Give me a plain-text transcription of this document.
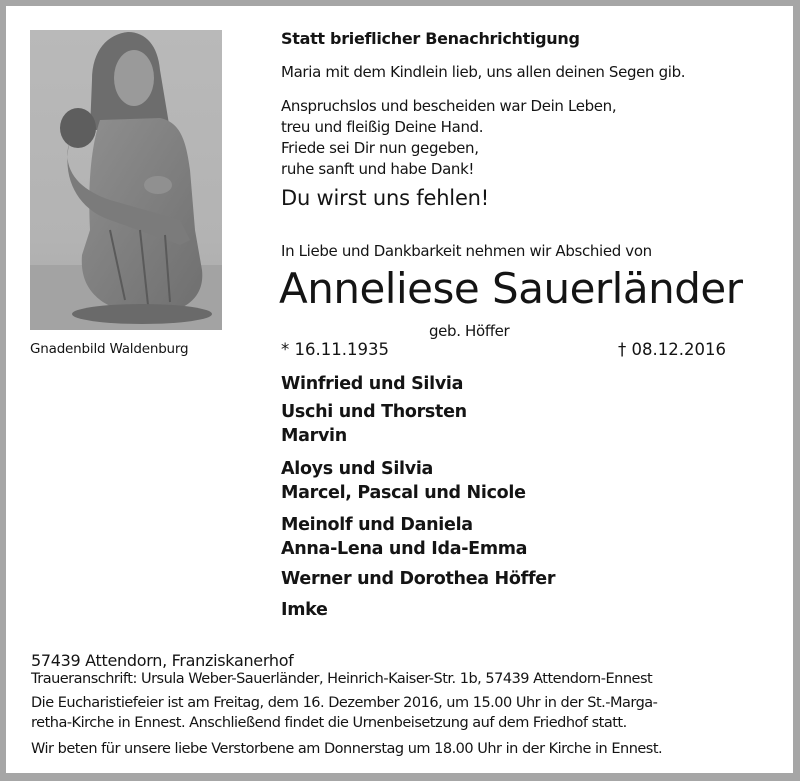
Gnadenbild Waldenburg
Statt brieflicher Benachrichtigung
Maria mit dem Kindlein lieb, uns allen deinen Segen gib.
Anspruchslos und bescheiden war Dein Leben,
treu und fleißig Deine Hand.
Friede sei Dir nun gegeben,
ruhe sanft und habe Dank!
Du wirst uns fehlen!
In Liebe und Dankbarkeit nehmen wir Abschied von
Anneliese Sauerländer
geb. Höffer
* 16.11.1935	† 08.12.2016
Winfried und Silvia
Uschi und Thorsten
Marvin
Aloys und Silvia
Marcel, Pascal und Nicole
Meinolf und Daniela
Anna-Lena und Ida-Emma
Werner und Dorothea Höffer
Imke
57439 Attendorn, Franziskanerhof
Traueranschrift: Ursula Weber-Sauerländer, Heinrich-Kaiser-Str. 1b, 57439 Attendorn-Ennest
Die Eucharistiefeier ist am Freitag, dem 16. Dezember 2016, um 15.00 Uhr in der St.-Marga-
retha-Kirche in Ennest. Anschließend findet die Urnenbeisetzung auf dem Friedhof statt.
Wir beten für unsere liebe Verstorbene am Donnerstag um 18.00 Uhr in der Kirche in Ennest.
